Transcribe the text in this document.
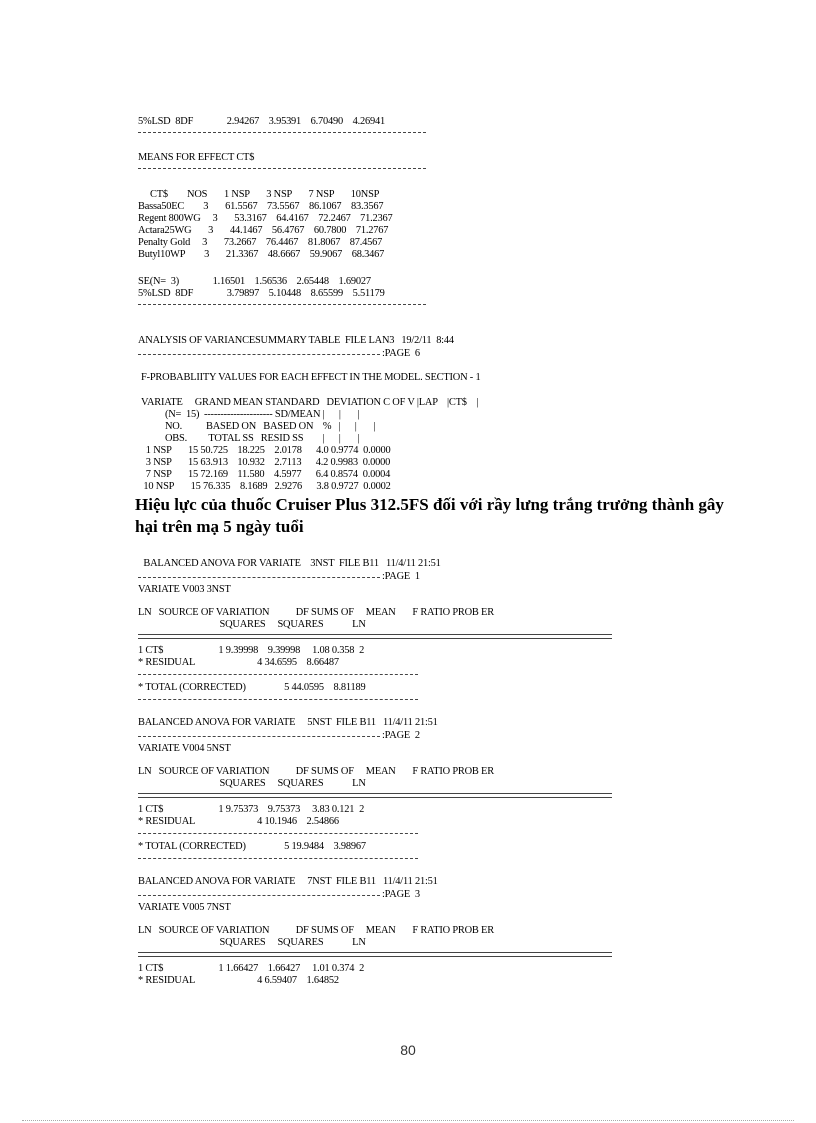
5%LSD  8DF              2.94267    3.95391    6.70490    4.26941
MEANS FOR EFFECT CT$
CT$        NOS       1 NSP       3 NSP       7 NSP       10NSP
Bassa50EC        3       61.5567    73.5567    86.1067    83.3567
Regent 800WG     3       53.3167    64.4167    72.2467    71.2367
Actara25WG       3       44.1467    56.4767    60.7800    71.2767
Penalty Gold     3       73.2667    76.4467    81.8067    87.4567
Butyl10WP        3       21.3367    48.6667    59.9067    68.3467
SE(N=  3)              1.16501    1.56536    2.65448    1.69027
5%LSD  8DF              3.79897    5.10448    8.65599    5.51179
ANALYSIS OF VARIANCESUMMARY TABLE  FILE LAN3   19/2/11  8:44
:PAGE  6
F-PROBABLIITY VALUES FOR EACH EFFECT IN THE MODEL. SECTION - 1
VARIATE     GRAND MEAN STANDARD   DEVIATION C OF V |LAP    |CT$    |
(N=  15)  --------------------- SD/MEAN |      |       |
NO.          BASED ON   BASED ON    %   |      |       |
OBS.         TOTAL SS   RESID SS        |      |       |
1 NSP       15 50.725    18.225    2.0178      4.0 0.9774  0.0000
3 NSP       15 63.913    10.932    2.7113      4.2 0.9983  0.0000
7 NSP       15 72.169    11.580    4.5977      6.4 0.8574  0.0004
10 NSP       15 76.335    8.1689   2.9276      3.8 0.9727  0.0002
Hiệu lực của thuốc Cruiser Plus 312.5FS đối với rầy lưng trắng trưởng thành gây hại trên mạ 5 ngày tuổi
BALANCED ANOVA FOR VARIATE    3NST  FILE B11   11/4/11 21:51
:PAGE  1
VARIATE V003 3NST
LN   SOURCE OF VARIATION           DF SUMS OF     MEAN       F RATIO PROB ER
SQUARES     SQUARES            LN
1 CT$                       1 9.39998    9.39998     1.08 0.358  2
* RESIDUAL                          4 34.6595    8.66487
* TOTAL (CORRECTED)                5 44.0595    8.81189
BALANCED ANOVA FOR VARIATE     5NST  FILE B11   11/4/11 21:51
:PAGE  2
VARIATE V004 5NST
LN   SOURCE OF VARIATION           DF SUMS OF     MEAN       F RATIO PROB ER
SQUARES     SQUARES            LN
1 CT$                       1 9.75373    9.75373     3.83 0.121  2
* RESIDUAL                          4 10.1946    2.54866
* TOTAL (CORRECTED)                5 19.9484    3.98967
BALANCED ANOVA FOR VARIATE     7NST  FILE B11   11/4/11 21:51
:PAGE  3
VARIATE V005 7NST
LN   SOURCE OF VARIATION           DF SUMS OF     MEAN       F RATIO PROB ER
SQUARES     SQUARES            LN
1 CT$                       1 1.66427    1.66427     1.01 0.374  2
* RESIDUAL                          4 6.59407    1.64852
80
